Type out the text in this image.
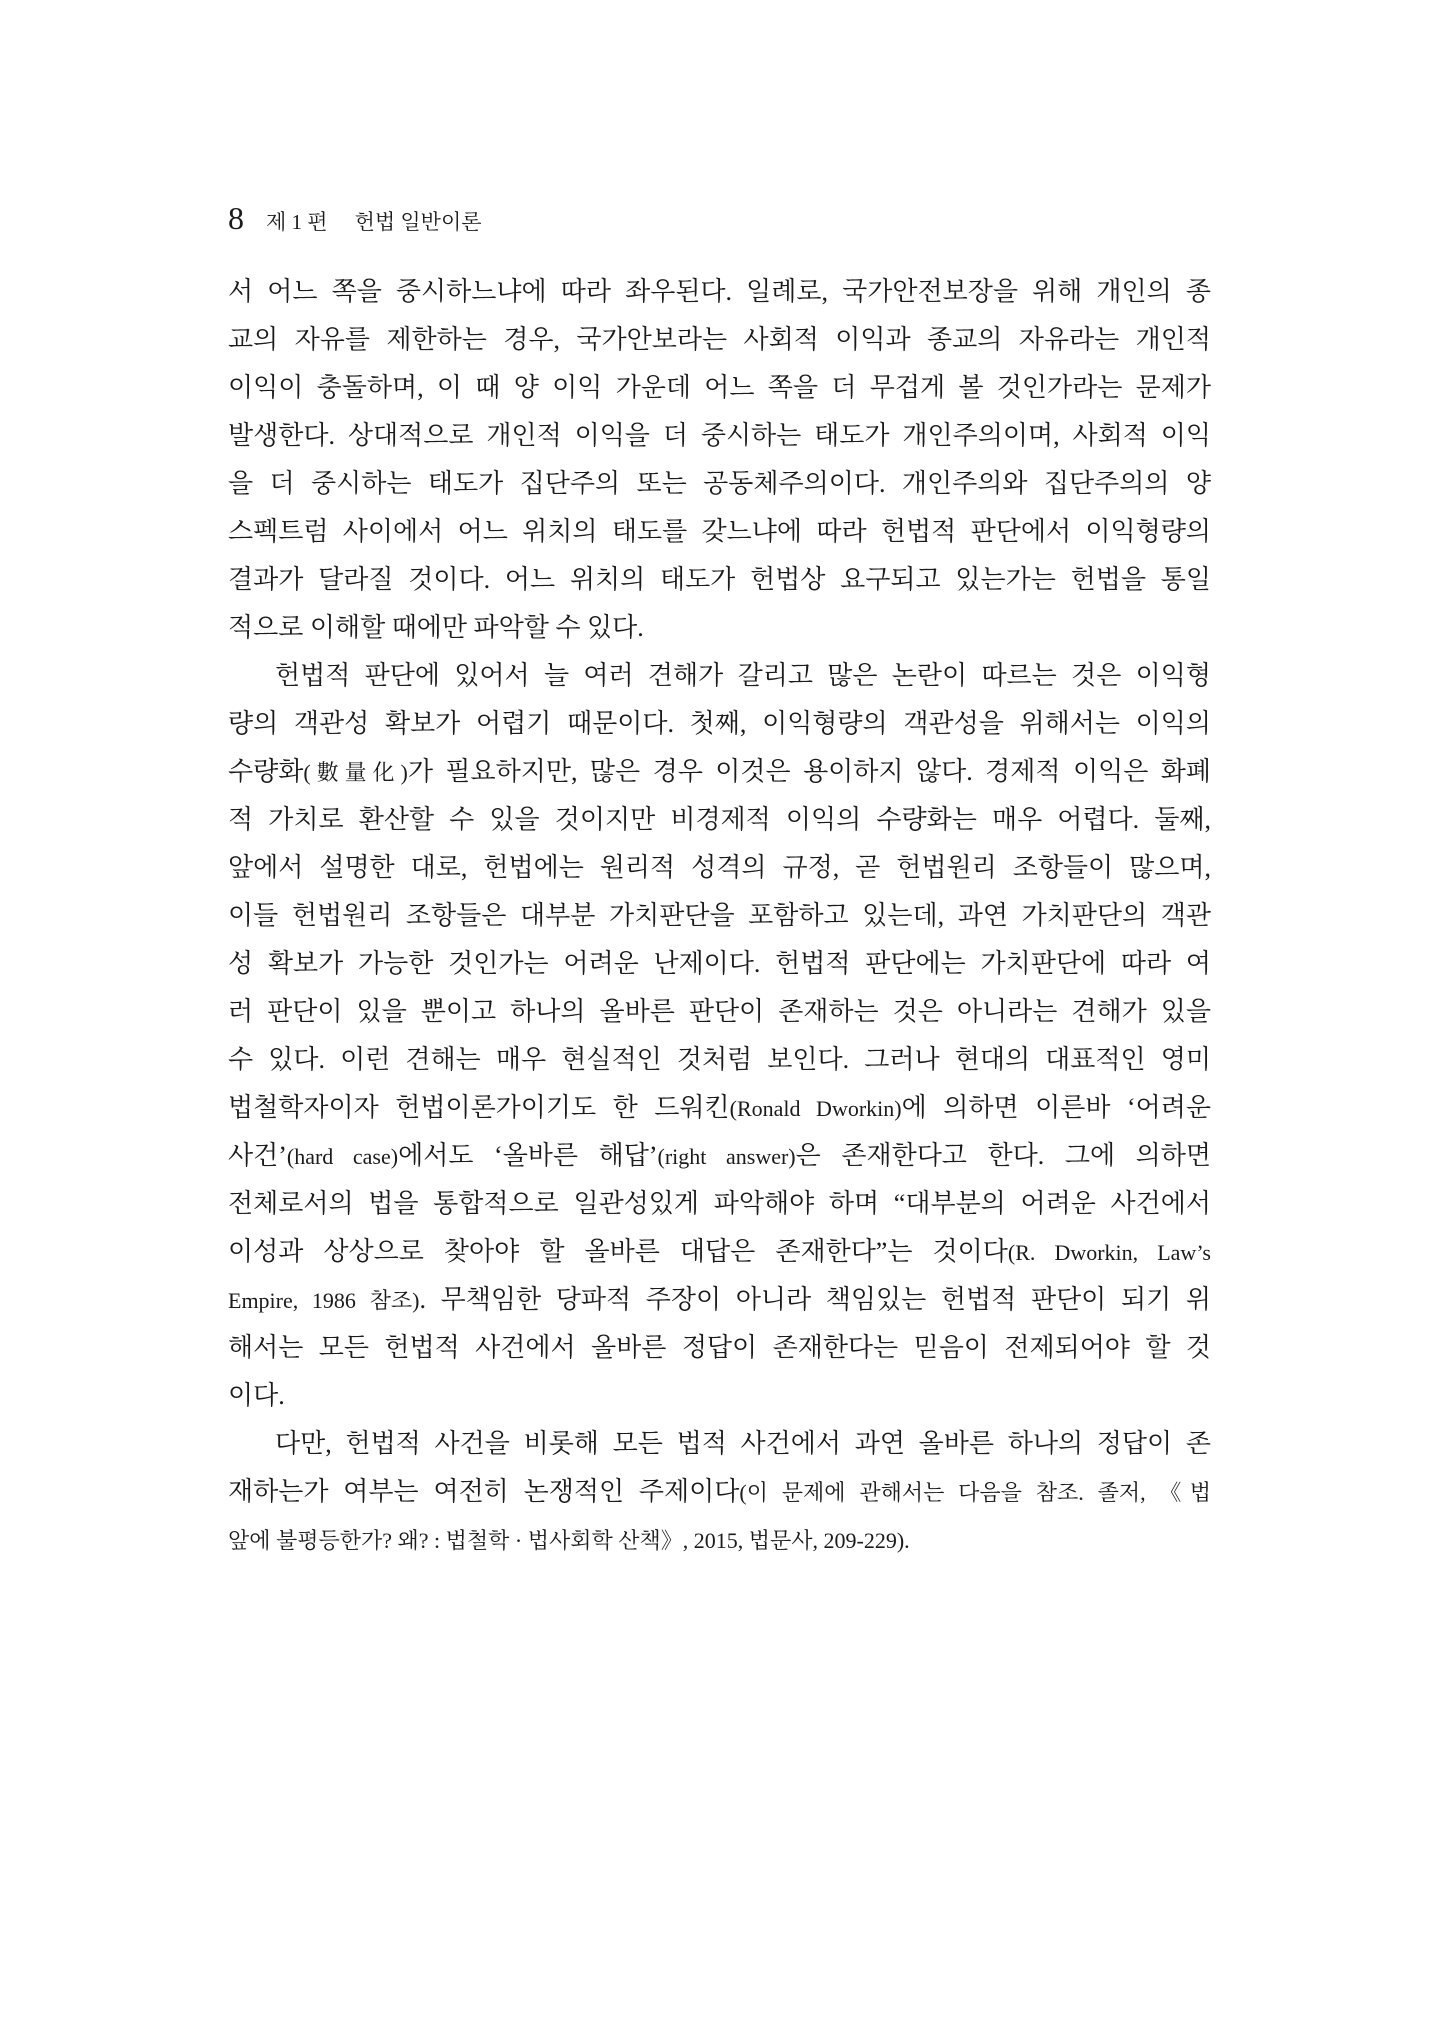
8 제 1 편 헌법 일반이론
서 어느 쪽을 중시하느냐에 따라 좌우된다. 일례로, 국가안전보장을 위해 개인의 종
교의 자유를 제한하는 경우, 국가안보라는 사회적 이익과 종교의 자유라는 개인적
이익이 충돌하며, 이 때 양 이익 가운데 어느 쪽을 더 무겁게 볼 것인가라는 문제가
발생한다. 상대적으로 개인적 이익을 더 중시하는 태도가 개인주의이며, 사회적 이익
을 더 중시하는 태도가 집단주의 또는 공동체주의이다. 개인주의와 집단주의의 양
스펙트럼 사이에서 어느 위치의 태도를 갖느냐에 따라 헌법적 판단에서 이익형량의
결과가 달라질 것이다. 어느 위치의 태도가 헌법상 요구되고 있는가는 헌법을 통일
적으로 이해할 때에만 파악할 수 있다.
헌법적 판단에 있어서 늘 여러 견해가 갈리고 많은 논란이 따르는 것은 이익형
량의 객관성 확보가 어렵기 때문이다. 첫째, 이익형량의 객관성을 위해서는 이익의
수량화(數量化)가 필요하지만, 많은 경우 이것은 용이하지 않다. 경제적 이익은 화폐
적 가치로 환산할 수 있을 것이지만 비경제적 이익의 수량화는 매우 어렵다. 둘째,
앞에서 설명한 대로, 헌법에는 원리적 성격의 규정, 곧 헌법원리 조항들이 많으며,
이들 헌법원리 조항들은 대부분 가치판단을 포함하고 있는데, 과연 가치판단의 객관
성 확보가 가능한 것인가는 어려운 난제이다. 헌법적 판단에는 가치판단에 따라 여
러 판단이 있을 뿐이고 하나의 올바른 판단이 존재하는 것은 아니라는 견해가 있을
수 있다. 이런 견해는 매우 현실적인 것처럼 보인다. 그러나 현대의 대표적인 영미
법철학자이자 헌법이론가이기도 한 드워킨(Ronald Dworkin)에 의하면 이른바 ‘어려운
사건’(hard case)에서도 ‘올바른 해답’(right answer)은 존재한다고 한다. 그에 의하면
전체로서의 법을 통합적으로 일관성있게 파악해야 하며 “대부분의 어려운 사건에서
이성과 상상으로 찾아야 할 올바른 대답은 존재한다”는 것이다(R. Dworkin, Law’s
Empire, 1986 참조). 무책임한 당파적 주장이 아니라 책임있는 헌법적 판단이 되기 위
해서는 모든 헌법적 사건에서 올바른 정답이 존재한다는 믿음이 전제되어야 할 것
이다.
다만, 헌법적 사건을 비롯해 모든 법적 사건에서 과연 올바른 하나의 정답이 존
재하는가 여부는 여전히 논쟁적인 주제이다(이 문제에 관해서는 다음을 참조. 졸저, 《법
앞에 불평등한가? 왜? : 법철학 · 법사회학 산책》, 2015, 법문사, 209-229).
